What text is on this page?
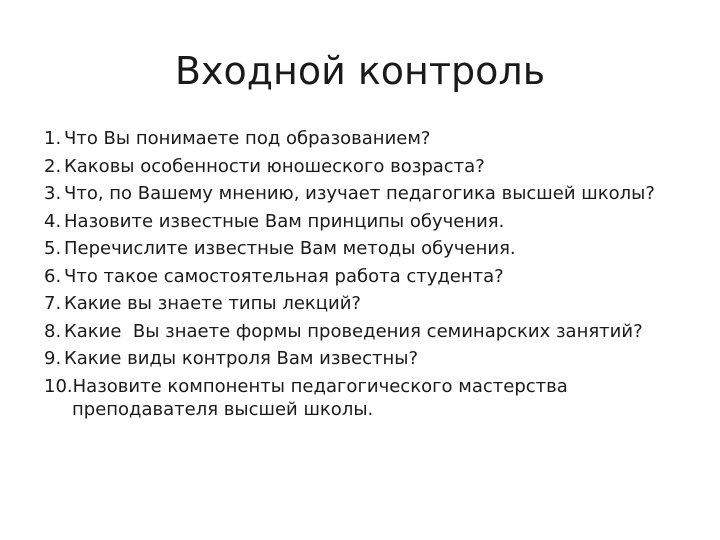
Входной контроль
1. Что Вы понимаете под образованием?
2. Каковы особенности юношеского возраста?
3. Что, по Вашему мнению, изучает педагогика высшей школы?
4. Назовите известные Вам принципы обучения.
5. Перечислите известные Вам методы обучения.
6. Что такое самостоятельная работа студента?
7. Какие вы знаете типы лекций?
8. Какие  Вы знаете формы проведения семинарских занятий?
9. Какие виды контроля Вам известны?
10.Назовите компоненты педагогического мастерства
преподавателя высшей школы.
